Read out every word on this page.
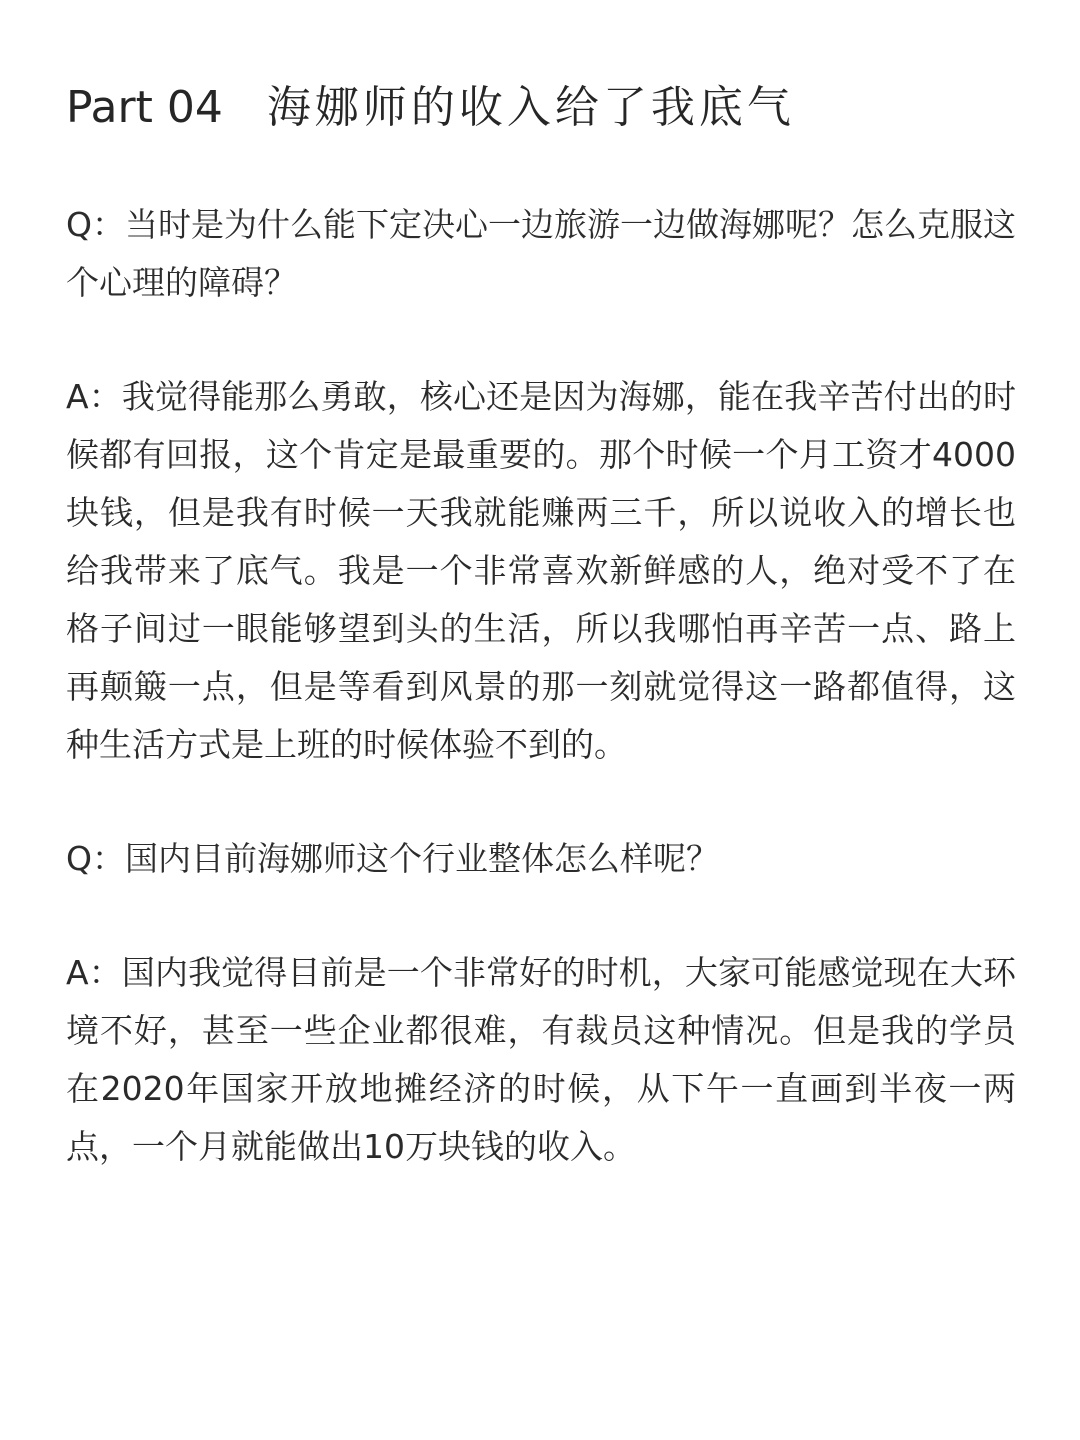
Part 04 海娜师的收入给了我底气

Q：当时是为什么能下定决心一边旅游一边做海娜呢？怎么克服这个心理的障碍？

A：我觉得能那么勇敢，核心还是因为海娜，能在我辛苦付出的时候都有回报，这个肯定是最重要的。那个时候一个月工资才4000块钱，但是我有时候一天我就能赚两三千，所以说收入的增长也给我带来了底气。我是一个非常喜欢新鲜感的人，绝对受不了在格子间过一眼能够望到头的生活，所以我哪怕再辛苦一点、路上再颠簸一点，但是等看到风景的那一刻就觉得这一路都值得，这种生活方式是上班的时候体验不到的。

Q：国内目前海娜师这个行业整体怎么样呢？

A：国内我觉得目前是一个非常好的时机，大家可能感觉现在大环境不好，甚至一些企业都很难，有裁员这种情况。但是我的学员在2020年国家开放地摊经济的时候，从下午一直画到半夜一两点，一个月就能做出10万块钱的收入。
